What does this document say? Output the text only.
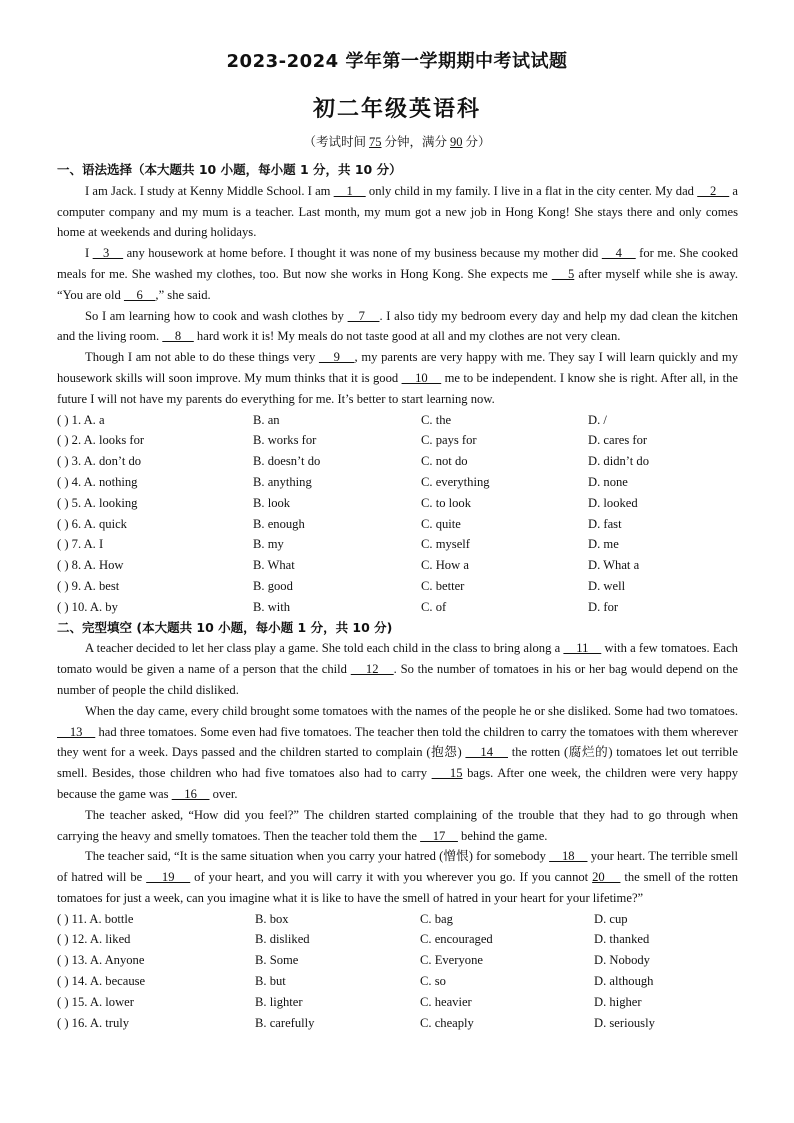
2023-2024 学年第一学期期中考试试题
初二年级英语科
（考试时间 75 分钟，满分 90 分）
一、语法选择（本大题共 10 小题，每小题 1 分，共 10 分）

I am Jack. I study at Kenny Middle School. I am     1     only child in my family. I live in a flat in the city center. My dad     2     a computer company and my mum is a teacher. Last month, my mum got a new job in Hong Kong! She stays there and only comes home at weekends and during holidays.

I    3     any housework at home before. I thought it was none of my business because my mother did     4     for me. She cooked meals for me. She washed my clothes, too. But now she works in Hong Kong. She expects me     5 after myself while she is away. “You are old     6    ,” she said.

So I am learning how to cook and wash clothes by    7    . I also tidy my bedroom every day and help my dad clean the kitchen and the living room.     8     hard work it is! My meals do not taste good at all and my clothes are not very clean.

Though I am not able to do these things very     9    , my parents are very happy with me. They say I will learn quickly and my housework skills will soon improve. My mum thinks that it is good     10     me to be independent. I know she is right. After all, in the future I will not have my parents do everything for me. It’s better to start learning now.

( ) 1. A. a	B. an	C. the	D. /
( ) 2. A. looks for	B. works for	C. pays for	D. cares for
( ) 3. A. don’t do	B. doesn’t do	C. not do	D. didn’t do
( ) 4. A. nothing	B. anything	C. everything	D. none
( ) 5. A. looking	B. look	C. to look	D. looked
( ) 6. A. quick	B. enough	C. quite	D. fast
( ) 7. A. I	B. my	C. myself	D. me
( ) 8. A. How	B. What	C. How a	D. What a
( ) 9. A. best	B. good	C. better	D. well
( ) 10. A. by	B. with	C. of	D. for
二、完型填空 (本大题共 10 小题，每小题 1 分，共 10 分)

A teacher decided to let her class play a game. She told each child in the class to bring along a     11     with a few tomatoes. Each tomato would be given a name of a person that the child     12    . So the number of tomatoes in his or her bag would depend on the number of people the child disliked.

When the day came, every child brought some tomatoes with the names of the people he or she disliked. Some had two tomatoes.     13     had three tomatoes. Some even had five tomatoes. The teacher then told the children to carry the tomatoes with them wherever they went for a week. Days passed and the children started to complain (抱怨)     14     the rotten (腐烂的) tomatoes let out terrible smell. Besides, those children who had five tomatoes also had to carry     15 bags. After one week, the children were very happy because the game was     16     over.

The teacher asked, “How did you feel?” The children started complaining of the trouble that they had to go through when carrying the heavy and smelly tomatoes. Then the teacher told them the     17     behind the game.

The teacher said, “It is the same situation when you carry your hatred (憎恨) for somebody     18     your heart. The terrible smell of hatred will be     19     of your heart, and you will carry it with you wherever you go. If you cannot 20     the smell of the rotten tomatoes for just a week, can you imagine what it is like to have the smell of hatred in your heart for your lifetime?”

( ) 11. A. bottle	B. box	C. bag	D. cup
( ) 12. A. liked	B. disliked	C. encouraged	D. thanked
( ) 13. A. Anyone	B. Some	C. Everyone	D. Nobody
( ) 14. A. because	B. but	C. so	D. although
( ) 15. A. lower	B. lighter	C. heavier	D. higher
( ) 16. A. truly	B. carefully	C. cheaply	D. seriously
